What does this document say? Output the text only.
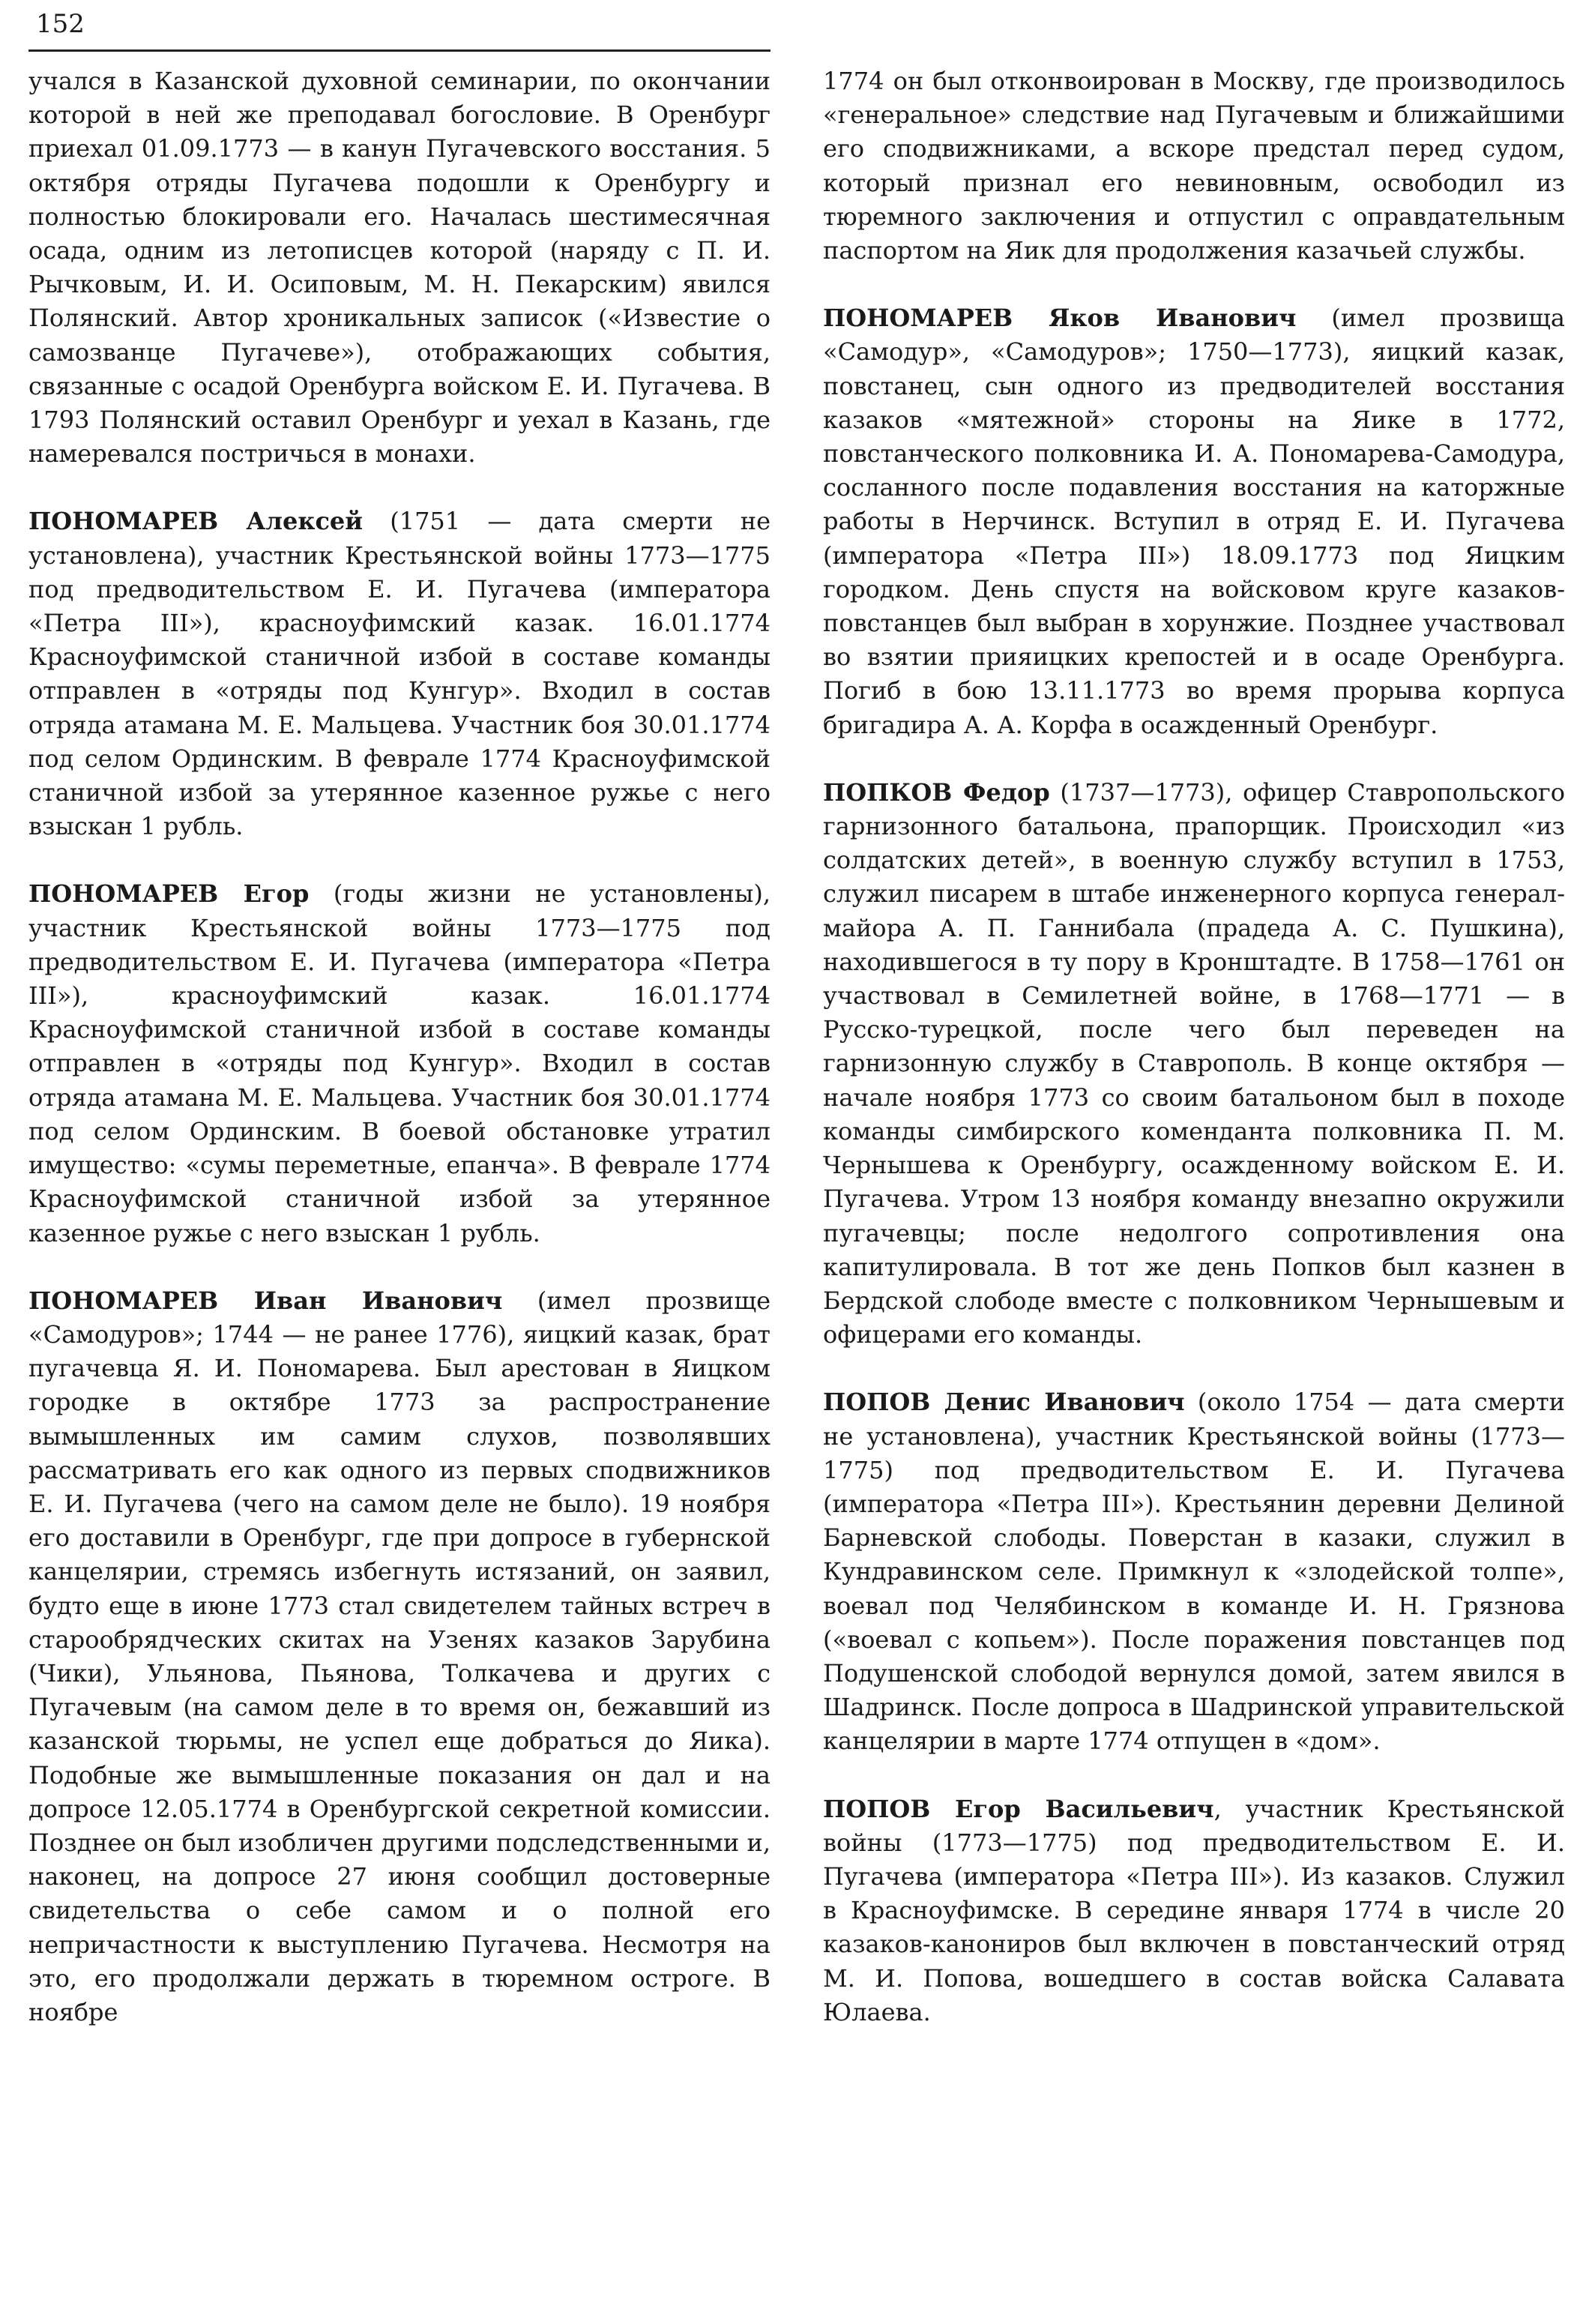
152

учался в Казанской духовной семинарии, по окончании которой в ней же преподавал богословие. В Оренбург приехал 01.09.1773 — в канун Пугачевского восстания. 5 октября отряды Пугачева подошли к Оренбургу и полностью блокировали его. Началась шестимесячная осада, одним из летописцев которой (наряду с П. И. Рычковым, И. И. Осиповым, М. Н. Пекарским) явился Полянский. Автор хроникальных записок («Известие о самозванце Пугачеве»), отображающих события, связанные с осадой Оренбурга войском Е. И. Пугачева. В 1793 Полянский оставил Оренбург и уехал в Казань, где намеревался постричься в монахи.

ПОНОМАРЕВ Алексей (1751 — дата смерти не установлена), участник Крестьянской войны 1773—1775 под предводительством Е. И. Пугачева (императора «Петра III»), красноуфимский казак. 16.01.1774 Красноуфимской станичной избой в составе команды отправлен в «отряды под Кунгур». Входил в состав отряда атамана М. Е. Мальцева. Участник боя 30.01.1774 под селом Ординским. В феврале 1774 Красноуфимской станичной избой за утерянное казенное ружье с него взыскан 1 рубль.

ПОНОМАРЕВ Егор (годы жизни не установлены), участник Крестьянской войны 1773—1775 под предводительством Е. И. Пугачева (императора «Петра III»), красноуфимский казак. 16.01.1774 Красноуфимской станичной избой в составе команды отправлен в «отряды под Кунгур». Входил в состав отряда атамана М. Е. Мальцева. Участник боя 30.01.1774 под селом Ординским. В боевой обстановке утратил имущество: «сумы переметные, епанча». В феврале 1774 Красноуфимской станичной избой за утерянное казенное ружье с него взыскан 1 рубль.

ПОНОМАРЕВ Иван Иванович (имел прозвище «Самодуров»; 1744 — не ранее 1776), яицкий казак, брат пугачевца Я. И. Пономарева. Был арестован в Яицком городке в октябре 1773 за распространение вымышленных им самим слухов, позволявших рассматривать его как одного из первых сподвижников Е. И. Пугачева (чего на самом деле не было). 19 ноября его доставили в Оренбург, где при допросе в губернской канцелярии, стремясь избегнуть истязаний, он заявил, будто еще в июне 1773 стал свидетелем тайных встреч в старообрядческих скитах на Узенях казаков Зарубина (Чики), Ульянова, Пьянова, Толкачева и других с Пугачевым (на самом деле в то время он, бежавший из казанской тюрьмы, не успел еще добраться до Яика). Подобные же вымышленные показания он дал и на допросе 12.05.1774 в Оренбургской секретной комиссии. Позднее он был изобличен другими подследственными и, наконец, на допросе 27 июня сообщил достоверные свидетельства о себе самом и о полной его непричастности к выступлению Пугачева. Несмотря на это, его продолжали держать в тюремном остроге. В ноябре

1774 он был отконвоирован в Москву, где производилось «генеральное» следствие над Пугачевым и ближайшими его сподвижниками, а вскоре предстал перед судом, который признал его невиновным, освободил из тюремного заключения и отпустил с оправдательным паспортом на Яик для продолжения казачьей службы.

ПОНОМАРЕВ Яков Иванович (имел прозвища «Самодур», «Самодуров»; 1750—1773), яицкий казак, повстанец, сын одного из предводителей восстания казаков «мятежной» стороны на Яике в 1772, повстанческого полковника И. А. Пономарева-Самодура, сосланного после подавления восстания на каторжные работы в Нерчинск. Вступил в отряд Е. И. Пугачева (императора «Петра III») 18.09.1773 под Яицким городком. День спустя на войсковом круге казаков-повстанцев был выбран в хорунжие. Позднее участвовал во взятии прияицких крепостей и в осаде Оренбурга. Погиб в бою 13.11.1773 во время прорыва корпуса бригадира А. А. Корфа в осажденный Оренбург.

ПОПКОВ Федор (1737—1773), офицер Ставропольского гарнизонного батальона, прапорщик. Происходил «из солдатских детей», в военную службу вступил в 1753, служил писарем в штабе инженерного корпуса генерал-майора А. П. Ганнибала (прадеда А. С. Пушкина), находившегося в ту пору в Кронштадте. В 1758—1761 он участвовал в Семилетней войне, в 1768—1771 — в Русско-турецкой, после чего был переведен на гарнизонную службу в Ставрополь. В конце октября — начале ноября 1773 со своим батальоном был в походе команды симбирского коменданта полковника П. М. Чернышева к Оренбургу, осажденному войском Е. И. Пугачева. Утром 13 ноября команду внезапно окружили пугачевцы; после недолгого сопротивления она капитулировала. В тот же день Попков был казнен в Бердской слободе вместе с полковником Чернышевым и офицерами его команды.

ПОПОВ Денис Иванович (около 1754 — дата смерти не установлена), участник Крестьянской войны (1773—1775) под предводительством Е. И. Пугачева (императора «Петра III»). Крестьянин деревни Делиной Барневской слободы. Поверстан в казаки, служил в Кундравинском селе. Примкнул к «злодейской толпе», воевал под Челябинском в команде И. Н. Грязнова («воевал с копьем»). После поражения повстанцев под Подушенской слободой вернулся домой, затем явился в Шадринск. После допроса в Шадринской управительской канцелярии в марте 1774 отпущен в «дом».

ПОПОВ Егор Васильевич, участник Крестьянской войны (1773—1775) под предводительством Е. И. Пугачева (императора «Петра III»). Из казаков. Служил в Красноуфимске. В середине января 1774 в числе 20 казаков-канониров был включен в повстанческий отряд М. И. Попова, вошедшего в состав войска Салавата Юлаева.
